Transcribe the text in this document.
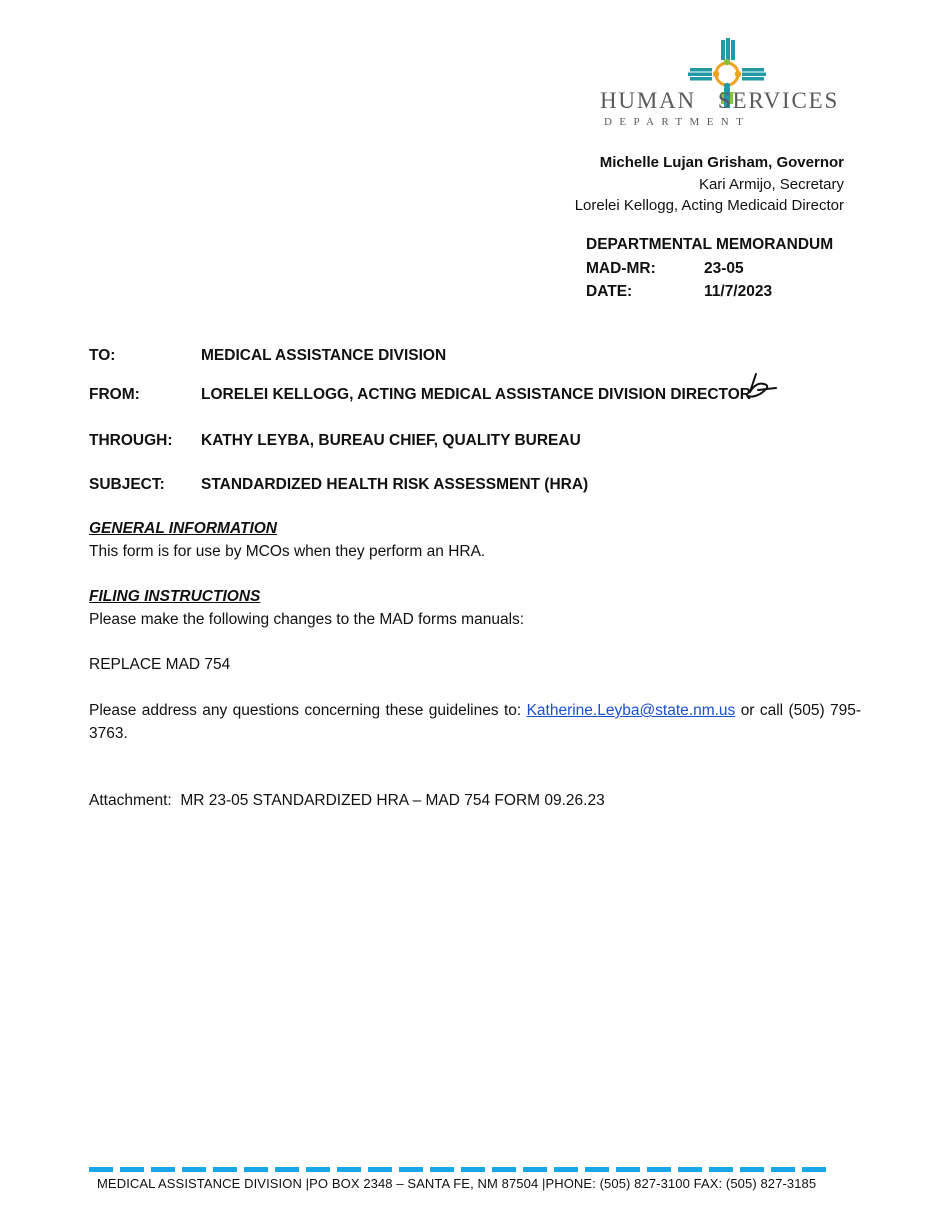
HUMAN SERVICES
DEPARTMENT
Michelle Lujan Grisham, Governor
Kari Armijo, Secretary
Lorelei Kellogg, Acting Medicaid Director
DEPARTMENTAL MEMORANDUM
MAD-MR:	23-05
DATE:	11/7/2023
TO:	MEDICAL ASSISTANCE DIVISION
FROM:	LORELEI KELLOGG, ACTING MEDICAL ASSISTANCE DIVISION DIRECTOR
THROUGH: KATHY LEYBA, BUREAU CHIEF, QUALITY BUREAU
SUBJECT: STANDARDIZED HEALTH RISK ASSESSMENT (HRA)
GENERAL INFORMATION
This form is for use by MCOs when they perform an HRA.
FILING INSTRUCTIONS
Please make the following changes to the MAD forms manuals:
REPLACE MAD 754
Please address any questions concerning these guidelines to: Katherine.Leyba@state.nm.us or call (505) 795-3763.
Attachment:  MR 23-05 STANDARDIZED HRA – MAD 754 FORM 09.26.23
MEDICAL ASSISTANCE DIVISION |PO BOX 2348 – SANTA FE, NM 87504 |PHONE: (505) 827-3100 FAX: (505) 827-3185
